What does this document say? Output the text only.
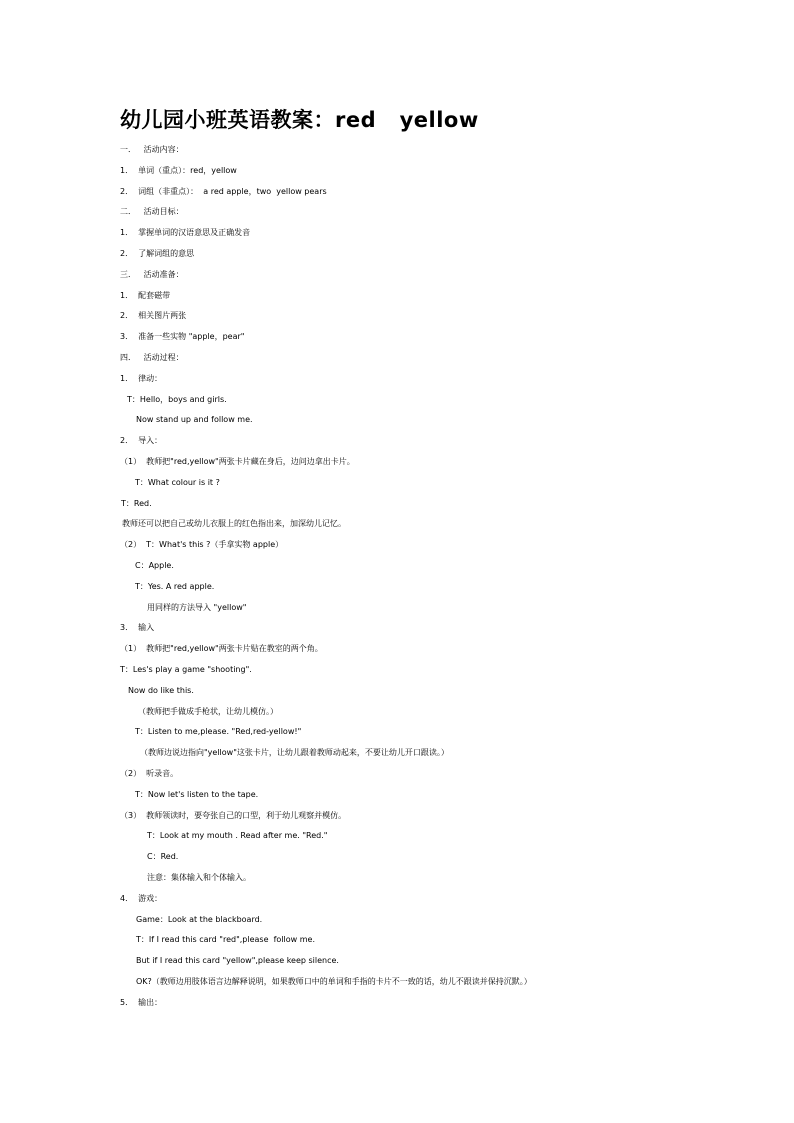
幼儿园小班英语教案：red   yellow
一．   活动内容：
1．  单词（重点）：red，yellow
2．  词组（非重点）：  a red apple，two  yellow pears
二．   活动目标：
1．  掌握单词的汉语意思及正确发音
2．  了解词组的意思
三．   活动准备：
1．  配套磁带
2．  相关图片两张
3．  准备一些实物 "apple，pear"
四．   活动过程：
1．  律动：
T：Hello，boys and girls.
Now stand up and follow me.
2．  导入：
（1）  教师把"red,yellow"两张卡片藏在身后，边问边拿出卡片。
T：What colour is it ?
T：Red.
教师还可以把自己或幼儿衣服上的红色指出来，加深幼儿记忆。
（2）  T：What's this ?（手拿实物 apple）
C：Apple.
T：Yes. A red apple.
用同样的方法导入 "yellow"
3．  输入
（1）  教师把"red,yellow"两张卡片贴在教室的两个角。
T：Les's play a game "shooting".
Now do like this.
（教师把手做成手枪状，让幼儿模仿。）
T：Listen to me,please. "Red,red-yellow!"
（教师边说边指向"yellow"这张卡片，让幼儿跟着教师动起来，不要让幼儿开口跟读。）
（2）  听录音。
T：Now let's listen to the tape.
（3）  教师领读时，要夸张自己的口型，利于幼儿观察并模仿。
T：Look at my mouth . Read after me. "Red."
C：Red.
注意：集体输入和个体输入。
4．  游戏：
Game：Look at the blackboard.
T：If I read this card "red",please  follow me.
But if I read this card "yellow",please keep silence.
OK?（教师边用肢体语言边解释说明，如果教师口中的单词和手指的卡片不一致的话，幼儿不跟读并保持沉默。）
5．  输出：
